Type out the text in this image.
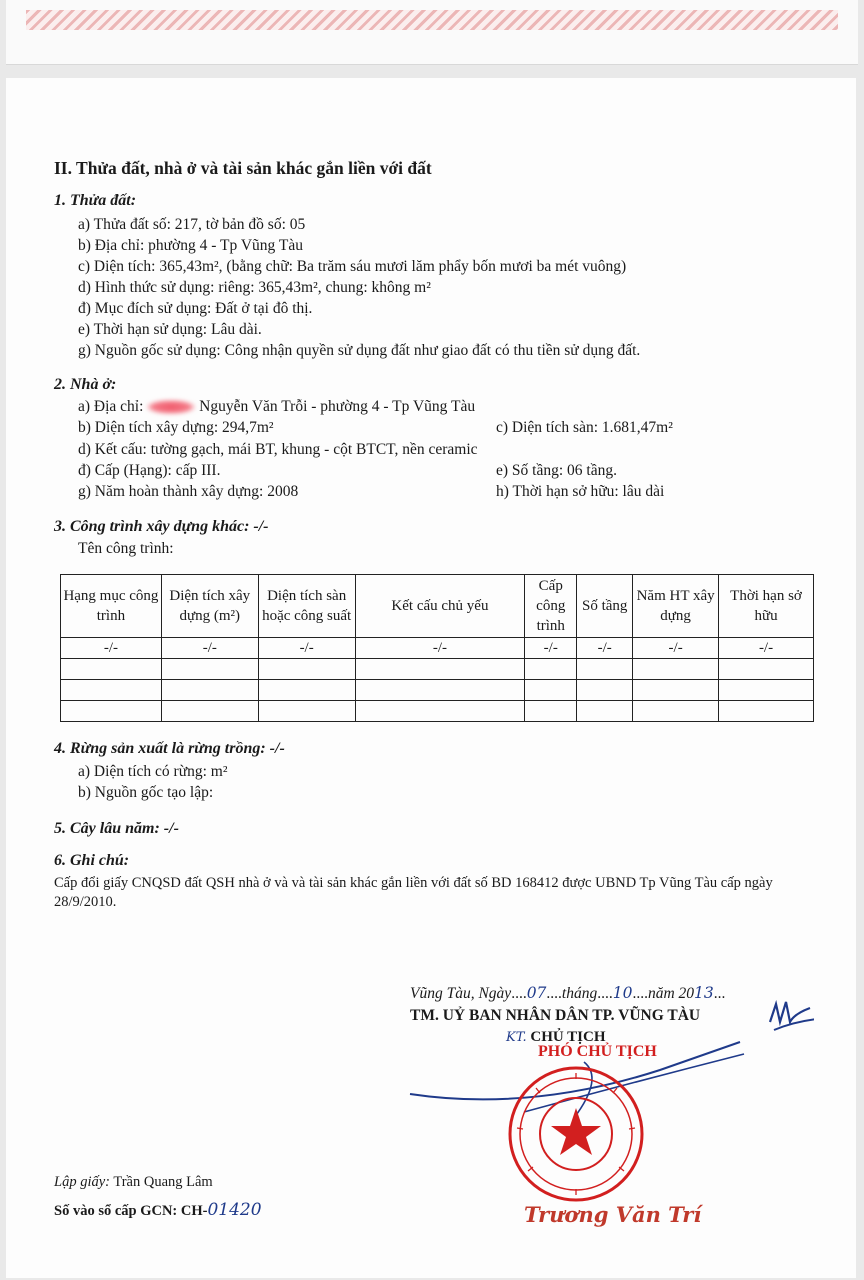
II. Thửa đất, nhà ở và tài sản khác gắn liền với đất
1. Thửa đất:
a) Thửa đất số: 217, tờ bản đồ số: 05
b) Địa chỉ: phường 4 - Tp Vũng Tàu
c) Diện tích: 365,43m², (bằng chữ: Ba trăm sáu mươi lăm phẩy bốn mươi ba mét vuông)
d) Hình thức sử dụng: riêng: 365,43m², chung: không m²
đ) Mục đích sử dụng: Đất ở tại đô thị.
e) Thời hạn sử dụng: Lâu dài.
g) Nguồn gốc sử dụng: Công nhận quyền sử dụng đất như giao đất có thu tiền sử dụng đất.
2. Nhà ở:
a) Địa chỉ:	Nguyễn Văn Trỗi - phường 4 - Tp Vũng Tàu
b) Diện tích xây dựng: 294,7m²	c) Diện tích sàn: 1.681,47m²
d) Kết cấu: tường gạch, mái BT, khung - cột BTCT, nền ceramic
đ) Cấp (Hạng): cấp III.	e) Số tầng: 06 tầng.
g) Năm hoàn thành xây dựng: 2008	h) Thời hạn sở hữu: lâu dài
3. Công trình xây dựng khác: -/-
Tên công trình:
Hạng mục công trình	Diện tích xây dựng (m²)	Diện tích sàn hoặc công suất	Kết cấu chủ yếu	Cấp công trình	Số tầng	Năm HT xây dựng	Thời hạn sở hữu
-/-	-/-	-/-	-/-	-/-	-/-	-/-	-/-

4. Rừng sản xuất là rừng trồng: -/-
a) Diện tích có rừng: m²
b) Nguồn gốc tạo lập:
5. Cây lâu năm: -/-
6. Ghi chú:
Cấp đổi giấy CNQSD đất QSH nhà ở và và tài sản khác gắn liền với đất số BD 168412 được UBND Tp Vũng Tàu cấp ngày 28/9/2010.
Vũng Tàu, Ngày....07....tháng....10....năm 2013...
TM. UỶ BAN NHÂN DÂN TP. VŨNG TÀU
KT. CHỦ TỊCH
PHÓ CHỦ TỊCH
Trương Văn Trí
Lập giấy: Trần Quang Lâm
Số vào sổ cấp GCN: CH-01420
